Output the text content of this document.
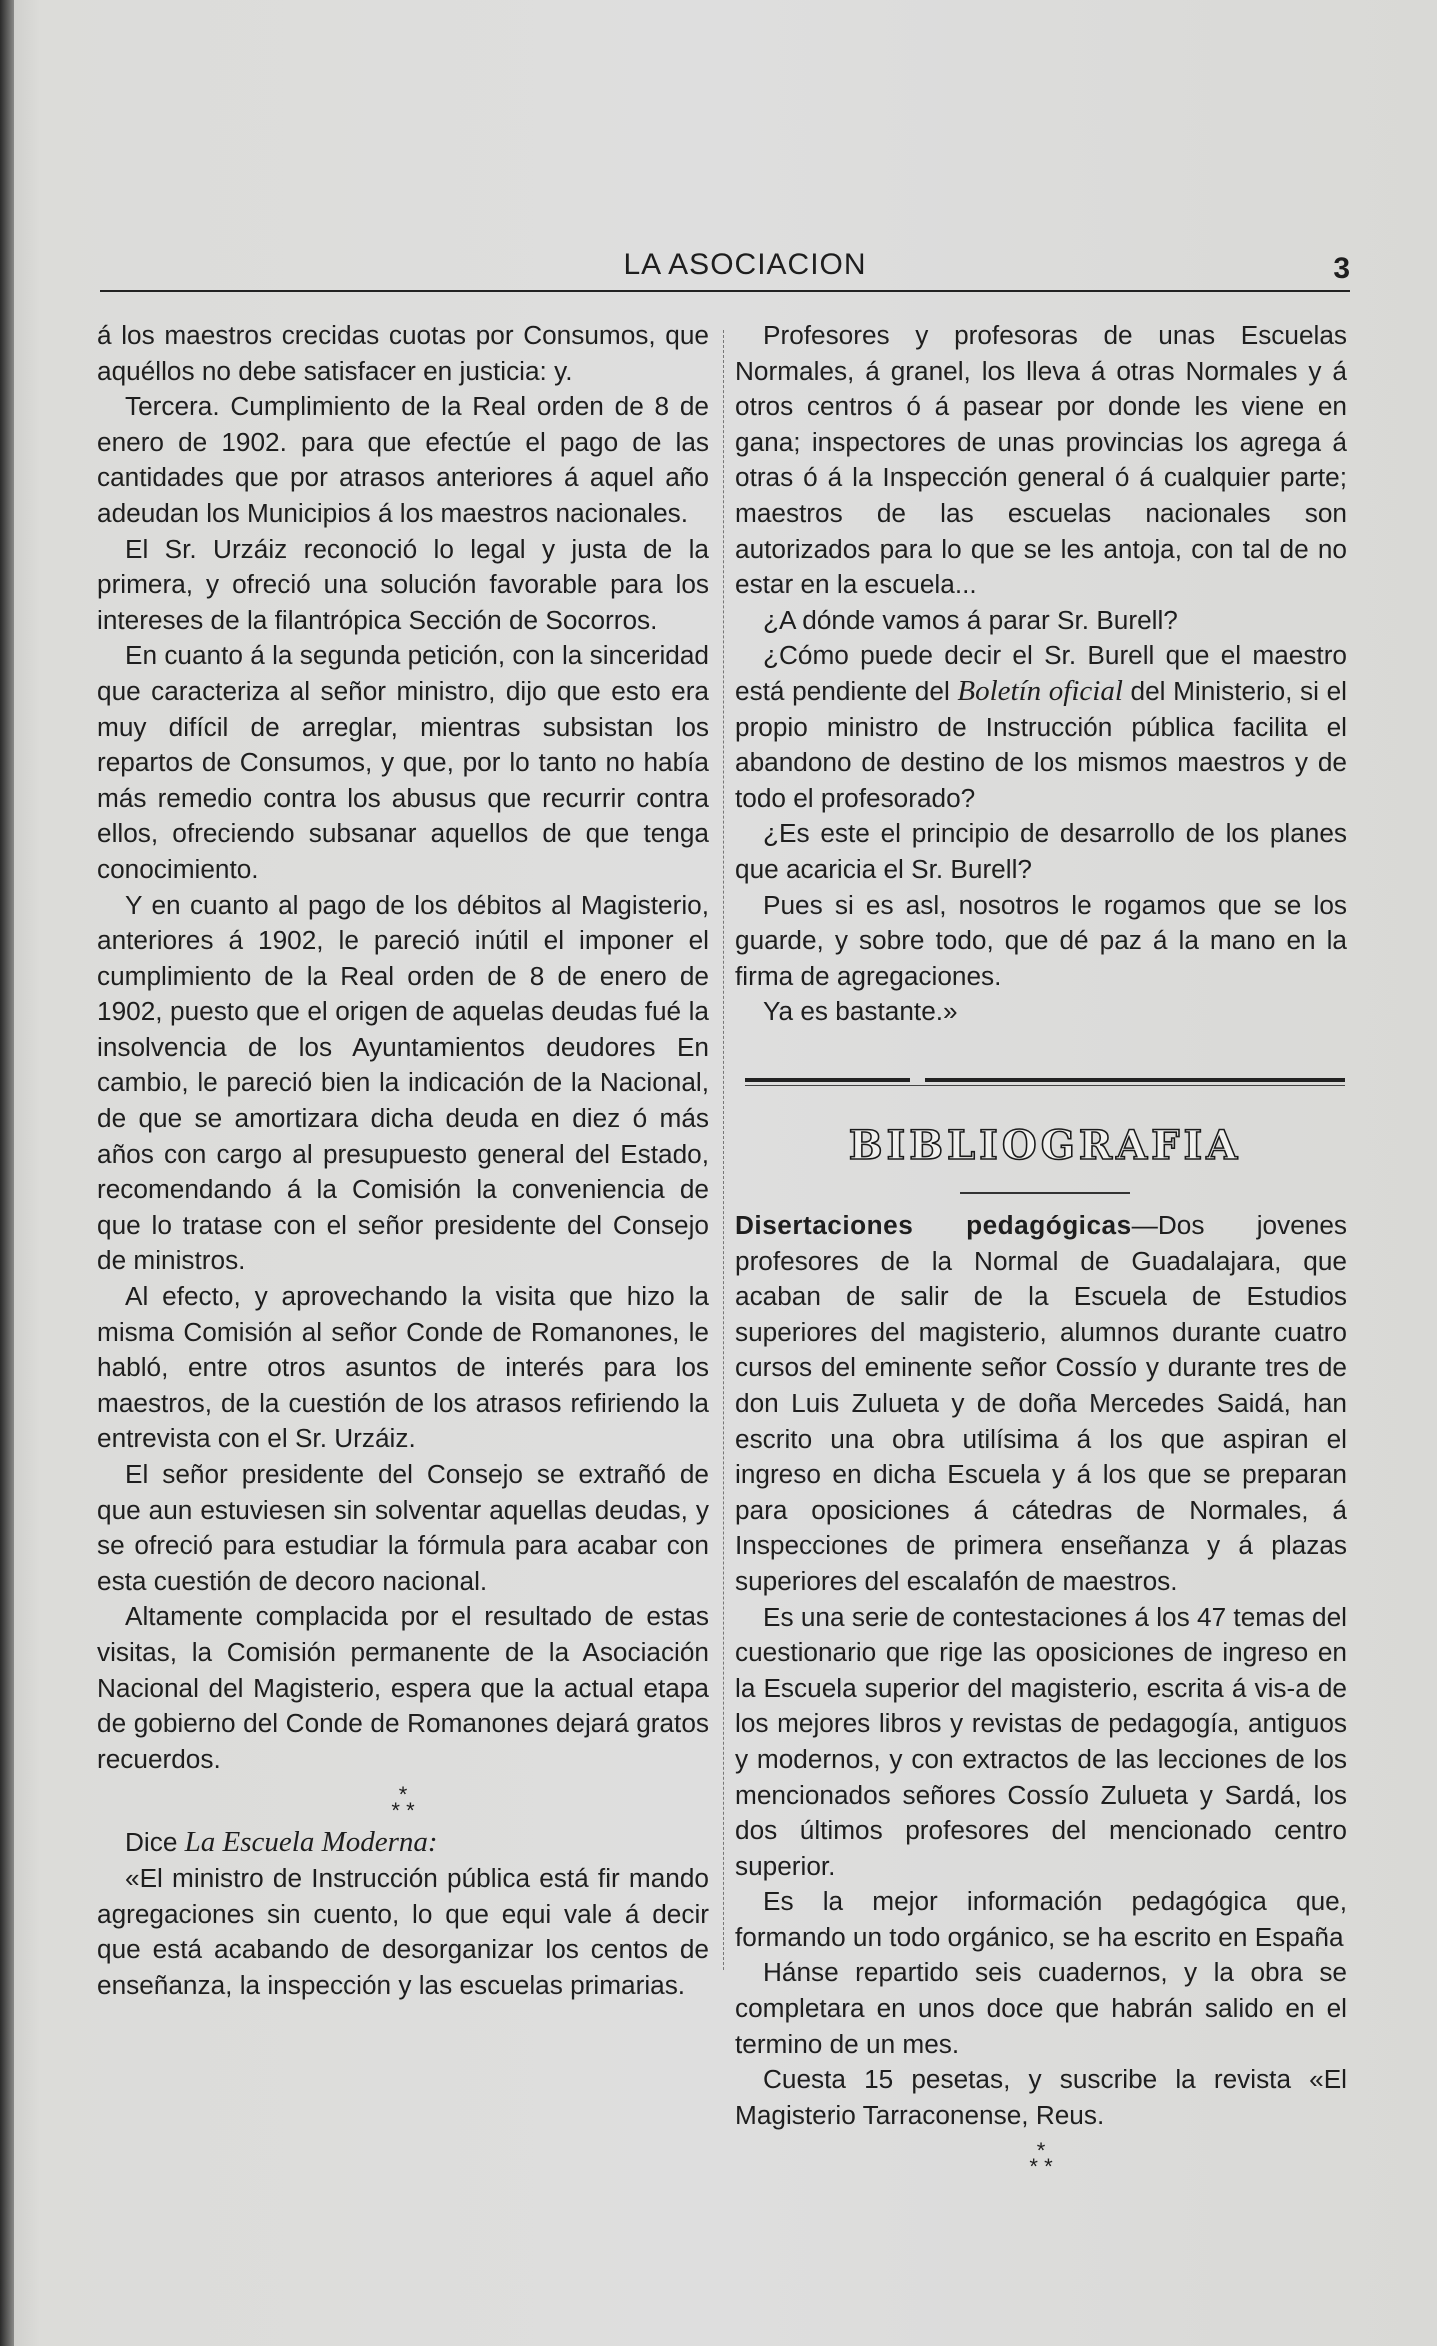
LA ASOCIACION	3

á los maestros crecidas cuotas por Consumos, que aquéllos no debe satisfacer en justicia: y.

Tercera. Cumplimiento de la Real orden de 8 de enero de 1902. para que efectúe el pago de las cantidades que por atrasos anteriores á aquel año adeudan los Municipios á los maestros nacionales.

El Sr. Urzáiz reconoció lo legal y justa de la primera, y ofreció una solución favorable para los intereses de la filantrópica Sección de Socorros.

En cuanto á la segunda petición, con la sinceridad que caracteriza al señor ministro, dijo que esto era muy difícil de arreglar, mientras subsistan los repartos de Consumos, y que, por lo tanto no había más remedio contra los abusus que recurrir contra ellos, ofreciendo subsanar aquellos de que tenga conocimiento.

Y en cuanto al pago de los débitos al Magisterio, anteriores á 1902, le pareció inútil el imponer el cumplimiento de la Real orden de 8 de enero de 1902, puesto que el origen de aquelas deudas fué la insolvencia de los Ayuntamientos deudores En cambio, le pareció bien la indicación de la Nacional, de que se amortizara dicha deuda en diez ó más años con cargo al presupuesto general del Estado, recomendando á la Comisión la conveniencia de que lo tratase con el señor presidente del Consejo de ministros.

Al efecto, y aprovechando la visita que hizo la misma Comisión al señor Conde de Romanones, le habló, entre otros asuntos de interés para los maestros, de la cuestión de los atrasos refiriendo la entrevista con el Sr. Urzáiz.

El señor presidente del Consejo se extrañó de que aun estuviesen sin solventar aquellas deudas, y se ofreció para estudiar la fórmula para acabar con esta cuestión de decoro nacional.

Altamente complacida por el resultado de estas visitas, la Comisión permanente de la Asociación Nacional del Magisterio, espera que la actual etapa de gobierno del Conde de Romanones dejará gratos recuerdos.

*
* *

Dice La Escuela Moderna:

«El ministro de Instrucción pública está fir mando agregaciones sin cuento, lo que equi vale á decir que está acabando de desorganizar los centos de enseñanza, la inspección y las escuelas primarias.

Profesores y profesoras de unas Escuelas Normales, á granel, los lleva á otras Normales y á otros centros ó á pasear por donde les viene en gana; inspectores de unas provincias los agrega á otras ó á la Inspección general ó á cualquier parte; maestros de las escuelas nacionales son autorizados para lo que se les antoja, con tal de no estar en la escuela...

¿A dónde vamos á parar Sr. Burell?

¿Cómo puede decir el Sr. Burell que el maestro está pendiente del Boletín oficial del Ministerio, si el propio ministro de Instrucción pública facilita el abandono de destino de los mismos maestros y de todo el profesorado?

¿Es este el principio de desarrollo de los planes que acaricia el Sr. Burell?

Pues si es asl, nosotros le rogamos que se los guarde, y sobre todo, que dé paz á la mano en la firma de agregaciones.

Ya es bastante.»

BIBLIOGRAFIA

Disertaciones pedagógicas—Dos jovenes profesores de la Normal de Guadalajara, que acaban de salir de la Escuela de Estudios superiores del magisterio, alumnos durante cuatro cursos del eminente señor Cossío y durante tres de don Luis Zulueta y de doña Mercedes Saidá, han escrito una obra utilísima á los que aspiran el ingreso en dicha Escuela y á los que se preparan para oposiciones á cátedras de Normales, á Inspecciones de primera enseñanza y á plazas superiores del escalafón de maestros.

Es una serie de contestaciones á los 47 temas del cuestionario que rige las oposiciones de ingreso en la Escuela superior del magisterio, escrita á vis-a de los mejores libros y revistas de pedagogía, antiguos y modernos, y con extractos de las lecciones de los mencionados señores Cossío Zulueta y Sardá, los dos últimos profesores del mencionado centro superior.

Es la mejor información pedagógica que, formando un todo orgánico, se ha escrito en España

Hánse repartido seis cuadernos, y la obra se completara en unos doce que habrán salido en el termino de un mes.

Cuesta 15 pesetas, y suscribe la revista «El Magisterio Tarraconense, Reus.

*
* *
